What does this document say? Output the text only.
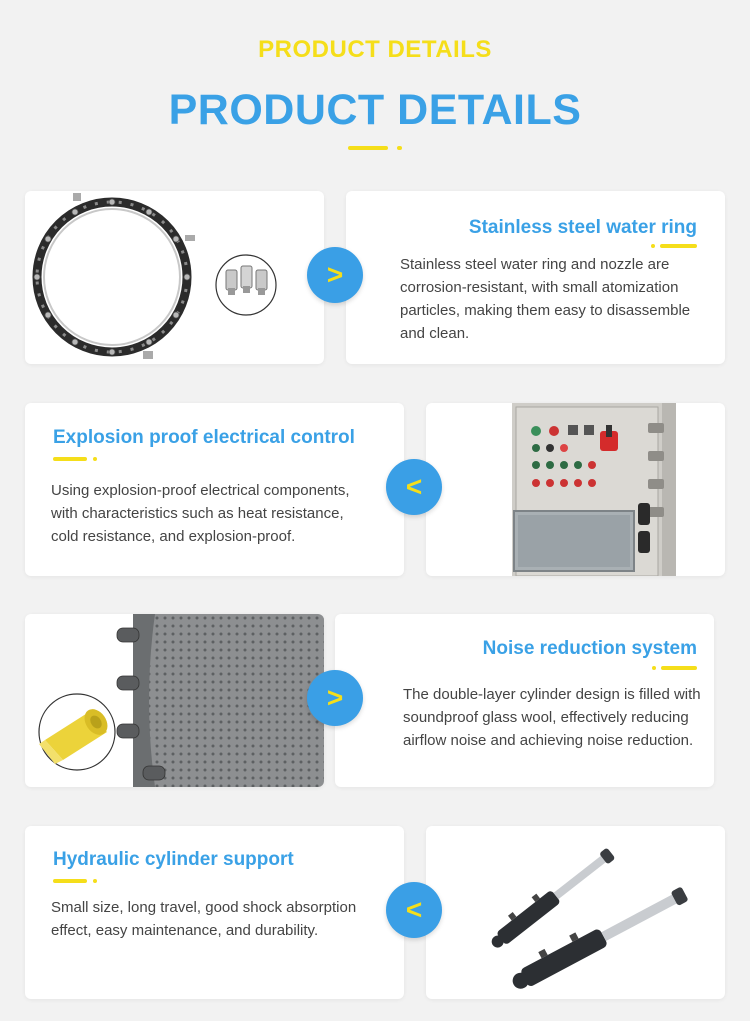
PRODUCT DETAILS
PRODUCT DETAILS
>
Stainless steel water ring
Stainless steel water ring and nozzle are corrosion-resistant, with small atomization particles, making them easy to disassemble and clean.
Explosion proof electrical control
Using explosion-proof electrical components, with characteristics such as heat resistance, cold resistance, and explosion-proof.
<
>
Noise reduction system
The double-layer cylinder design is filled with soundproof glass wool, effectively reducing airflow noise and achieving noise reduction.
Hydraulic cylinder support
Small size, long travel, good shock absorption effect, easy maintenance, and durability.
<
